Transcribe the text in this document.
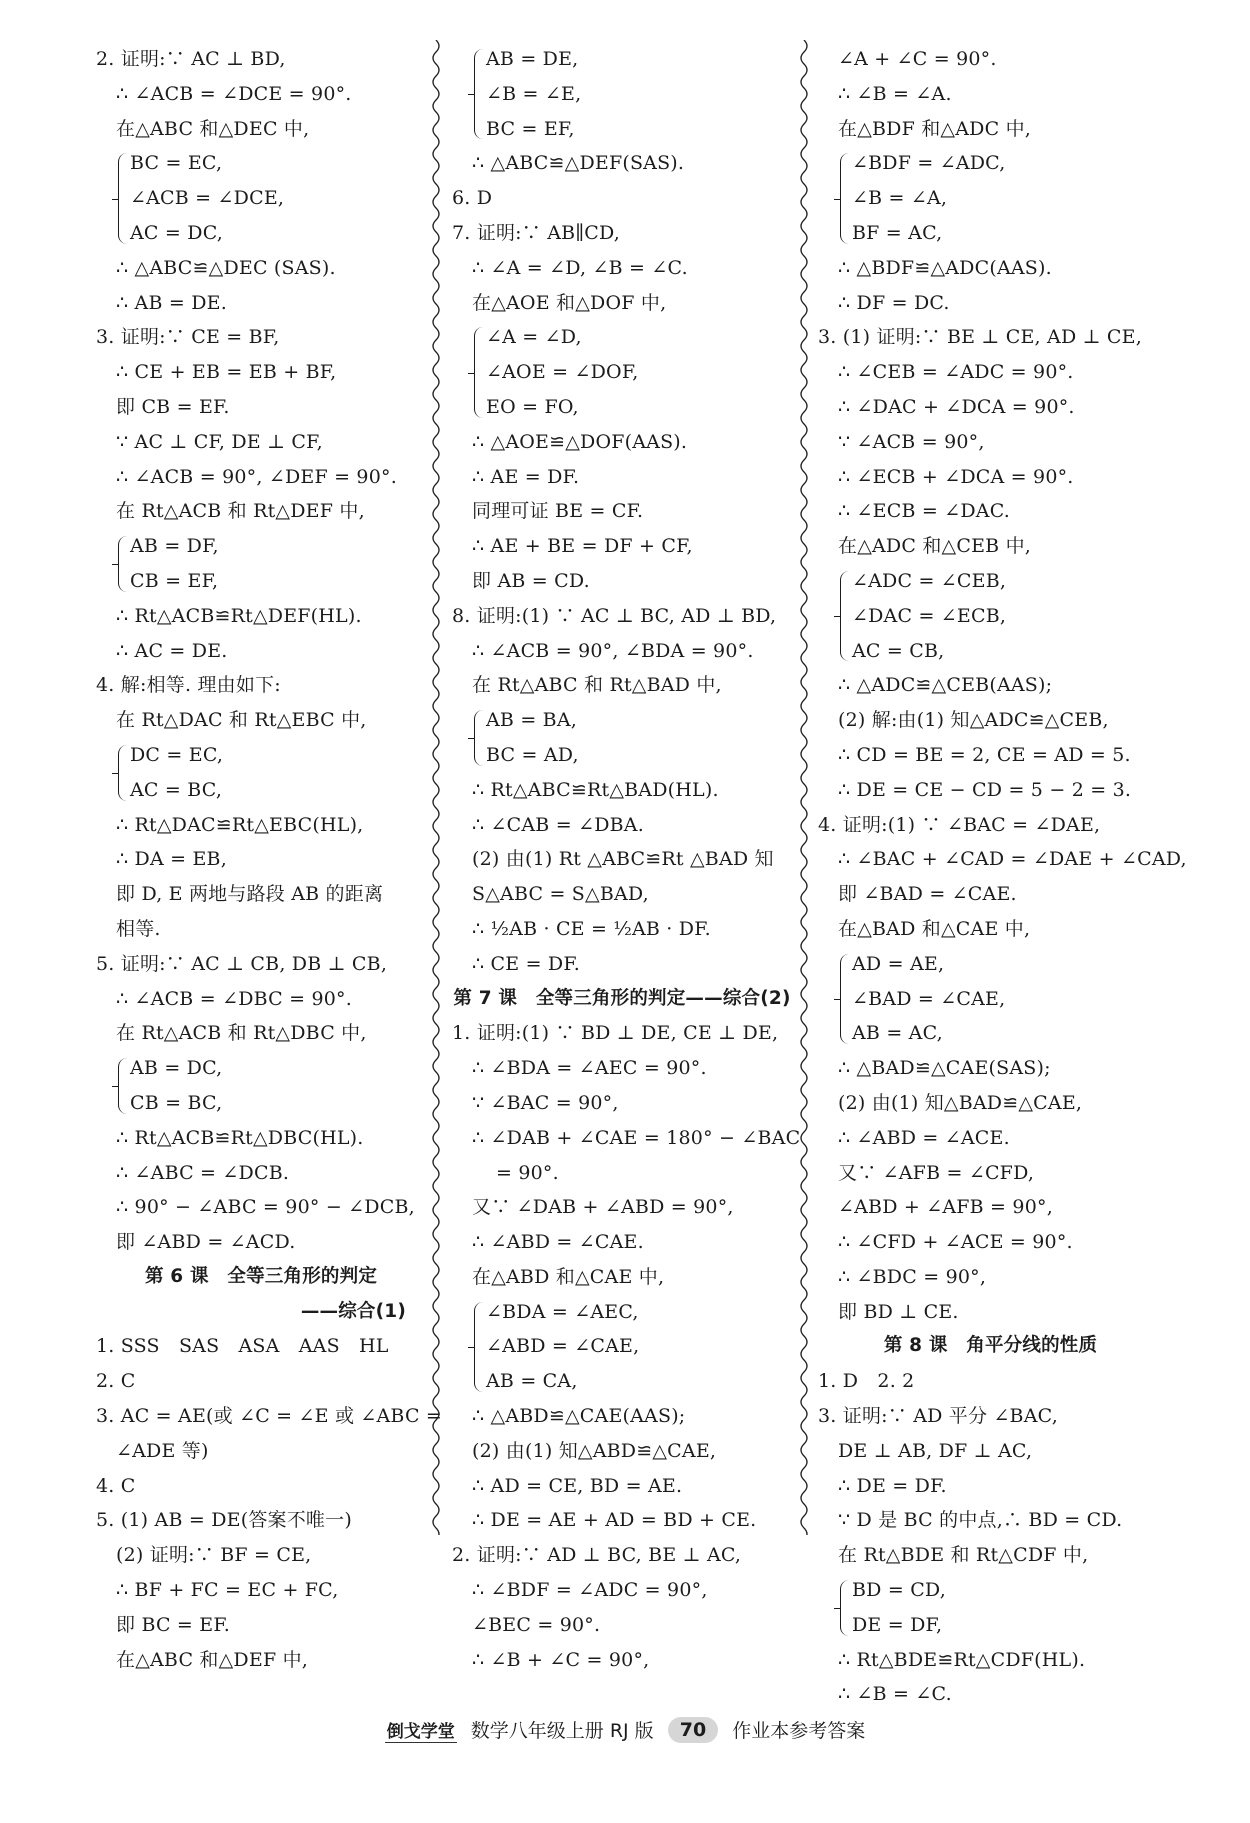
2. 证明:∵ AC ⊥ BD,
∴ ∠ACB = ∠DCE = 90°.
在△ABC 和△DEC 中,
BC = EC,
∠ACB = ∠DCE,
AC = DC,
∴ △ABC≌△DEC (SAS).
∴ AB = DE.
3. 证明:∵ CE = BF,
∴ CE + EB = EB + BF,
即 CB = EF.
∵ AC ⊥ CF, DE ⊥ CF,
∴ ∠ACB = 90°, ∠DEF = 90°.
在 Rt△ACB 和 Rt△DEF 中,
AB = DF,
CB = EF,
∴ Rt△ACB≌Rt△DEF(HL).
∴ AC = DE.
4. 解:相等. 理由如下:
在 Rt△DAC 和 Rt△EBC 中,
DC = EC,
AC = BC,
∴ Rt△DAC≌Rt△EBC(HL),
∴ DA = EB,
即 D, E 两地与路段 AB 的距离
相等.
5. 证明:∵ AC ⊥ CB, DB ⊥ CB,
∴ ∠ACB = ∠DBC = 90°.
在 Rt△ACB 和 Rt△DBC 中,
AB = DC,
CB = BC,
∴ Rt△ACB≌Rt△DBC(HL).
∴ ∠ABC = ∠DCB.
∴ 90° − ∠ABC = 90° − ∠DCB,
即 ∠ABD = ∠ACD.
第 6 课　全等三角形的判定
——综合(1)
1. SSS　SAS　ASA　AAS　HL
2. C
3. AC = AE(或 ∠C = ∠E 或 ∠ABC =
∠ADE 等)
4. C
5. (1) AB = DE(答案不唯一)
(2) 证明:∵ BF = CE,
∴ BF + FC = EC + FC,
即 BC = EF.
在△ABC 和△DEF 中,
AB = DE,
∠B = ∠E,
BC = EF,
∴ △ABC≌△DEF(SAS).
6. D
7. 证明:∵ AB∥CD,
∴ ∠A = ∠D, ∠B = ∠C.
在△AOE 和△DOF 中,
∠A = ∠D,
∠AOE = ∠DOF,
EO = FO,
∴ △AOE≌△DOF(AAS).
∴ AE = DF.
同理可证 BE = CF.
∴ AE + BE = DF + CF,
即 AB = CD.
8. 证明:(1) ∵ AC ⊥ BC, AD ⊥ BD,
∴ ∠ACB = 90°, ∠BDA = 90°.
在 Rt△ABC 和 Rt△BAD 中,
AB = BA,
BC = AD,
∴ Rt△ABC≌Rt△BAD(HL).
∴ ∠CAB = ∠DBA.
(2) 由(1) Rt △ABC≌Rt △BAD 知
S△ABC = S△BAD,
∴ ½AB · CE = ½AB · DF.
∴ CE = DF.
第 7 课　全等三角形的判定——综合(2)
1. 证明:(1) ∵ BD ⊥ DE, CE ⊥ DE,
∴ ∠BDA = ∠AEC = 90°.
∵ ∠BAC = 90°,
∴ ∠DAB + ∠CAE = 180° − ∠BAC
= 90°.
又∵ ∠DAB + ∠ABD = 90°,
∴ ∠ABD = ∠CAE.
在△ABD 和△CAE 中,
∠BDA = ∠AEC,
∠ABD = ∠CAE,
AB = CA,
∴ △ABD≌△CAE(AAS);
(2) 由(1) 知△ABD≌△CAE,
∴ AD = CE, BD = AE.
∴ DE = AE + AD = BD + CE.
2. 证明:∵ AD ⊥ BC, BE ⊥ AC,
∴ ∠BDF = ∠ADC = 90°,
∠BEC = 90°.
∴ ∠B + ∠C = 90°,
∠A + ∠C = 90°.
∴ ∠B = ∠A.
在△BDF 和△ADC 中,
∠BDF = ∠ADC,
∠B = ∠A,
BF = AC,
∴ △BDF≌△ADC(AAS).
∴ DF = DC.
3. (1) 证明:∵ BE ⊥ CE, AD ⊥ CE,
∴ ∠CEB = ∠ADC = 90°.
∴ ∠DAC + ∠DCA = 90°.
∵ ∠ACB = 90°,
∴ ∠ECB + ∠DCA = 90°.
∴ ∠ECB = ∠DAC.
在△ADC 和△CEB 中,
∠ADC = ∠CEB,
∠DAC = ∠ECB,
AC = CB,
∴ △ADC≌△CEB(AAS);
(2) 解:由(1) 知△ADC≌△CEB,
∴ CD = BE = 2, CE = AD = 5.
∴ DE = CE − CD = 5 − 2 = 3.
4. 证明:(1) ∵ ∠BAC = ∠DAE,
∴ ∠BAC + ∠CAD = ∠DAE + ∠CAD,
即 ∠BAD = ∠CAE.
在△BAD 和△CAE 中,
AD = AE,
∠BAD = ∠CAE,
AB = AC,
∴ △BAD≌△CAE(SAS);
(2) 由(1) 知△BAD≌△CAE,
∴ ∠ABD = ∠ACE.
又∵ ∠AFB = ∠CFD,
∠ABD + ∠AFB = 90°,
∴ ∠CFD + ∠ACE = 90°.
∴ ∠BDC = 90°,
即 BD ⊥ CE.
第 8 课　角平分线的性质
1. D　2. 2
3. 证明:∵ AD 平分 ∠BAC,
DE ⊥ AB, DF ⊥ AC,
∴ DE = DF.
∵ D 是 BC 的中点,∴ BD = CD.
在 Rt△BDE 和 Rt△CDF 中,
BD = CD,
DE = DF,
∴ Rt△BDE≌Rt△CDF(HL).
∴ ∠B = ∠C.
倒戈学堂 数学八年级上册 RJ 版 70 作业本参考答案
